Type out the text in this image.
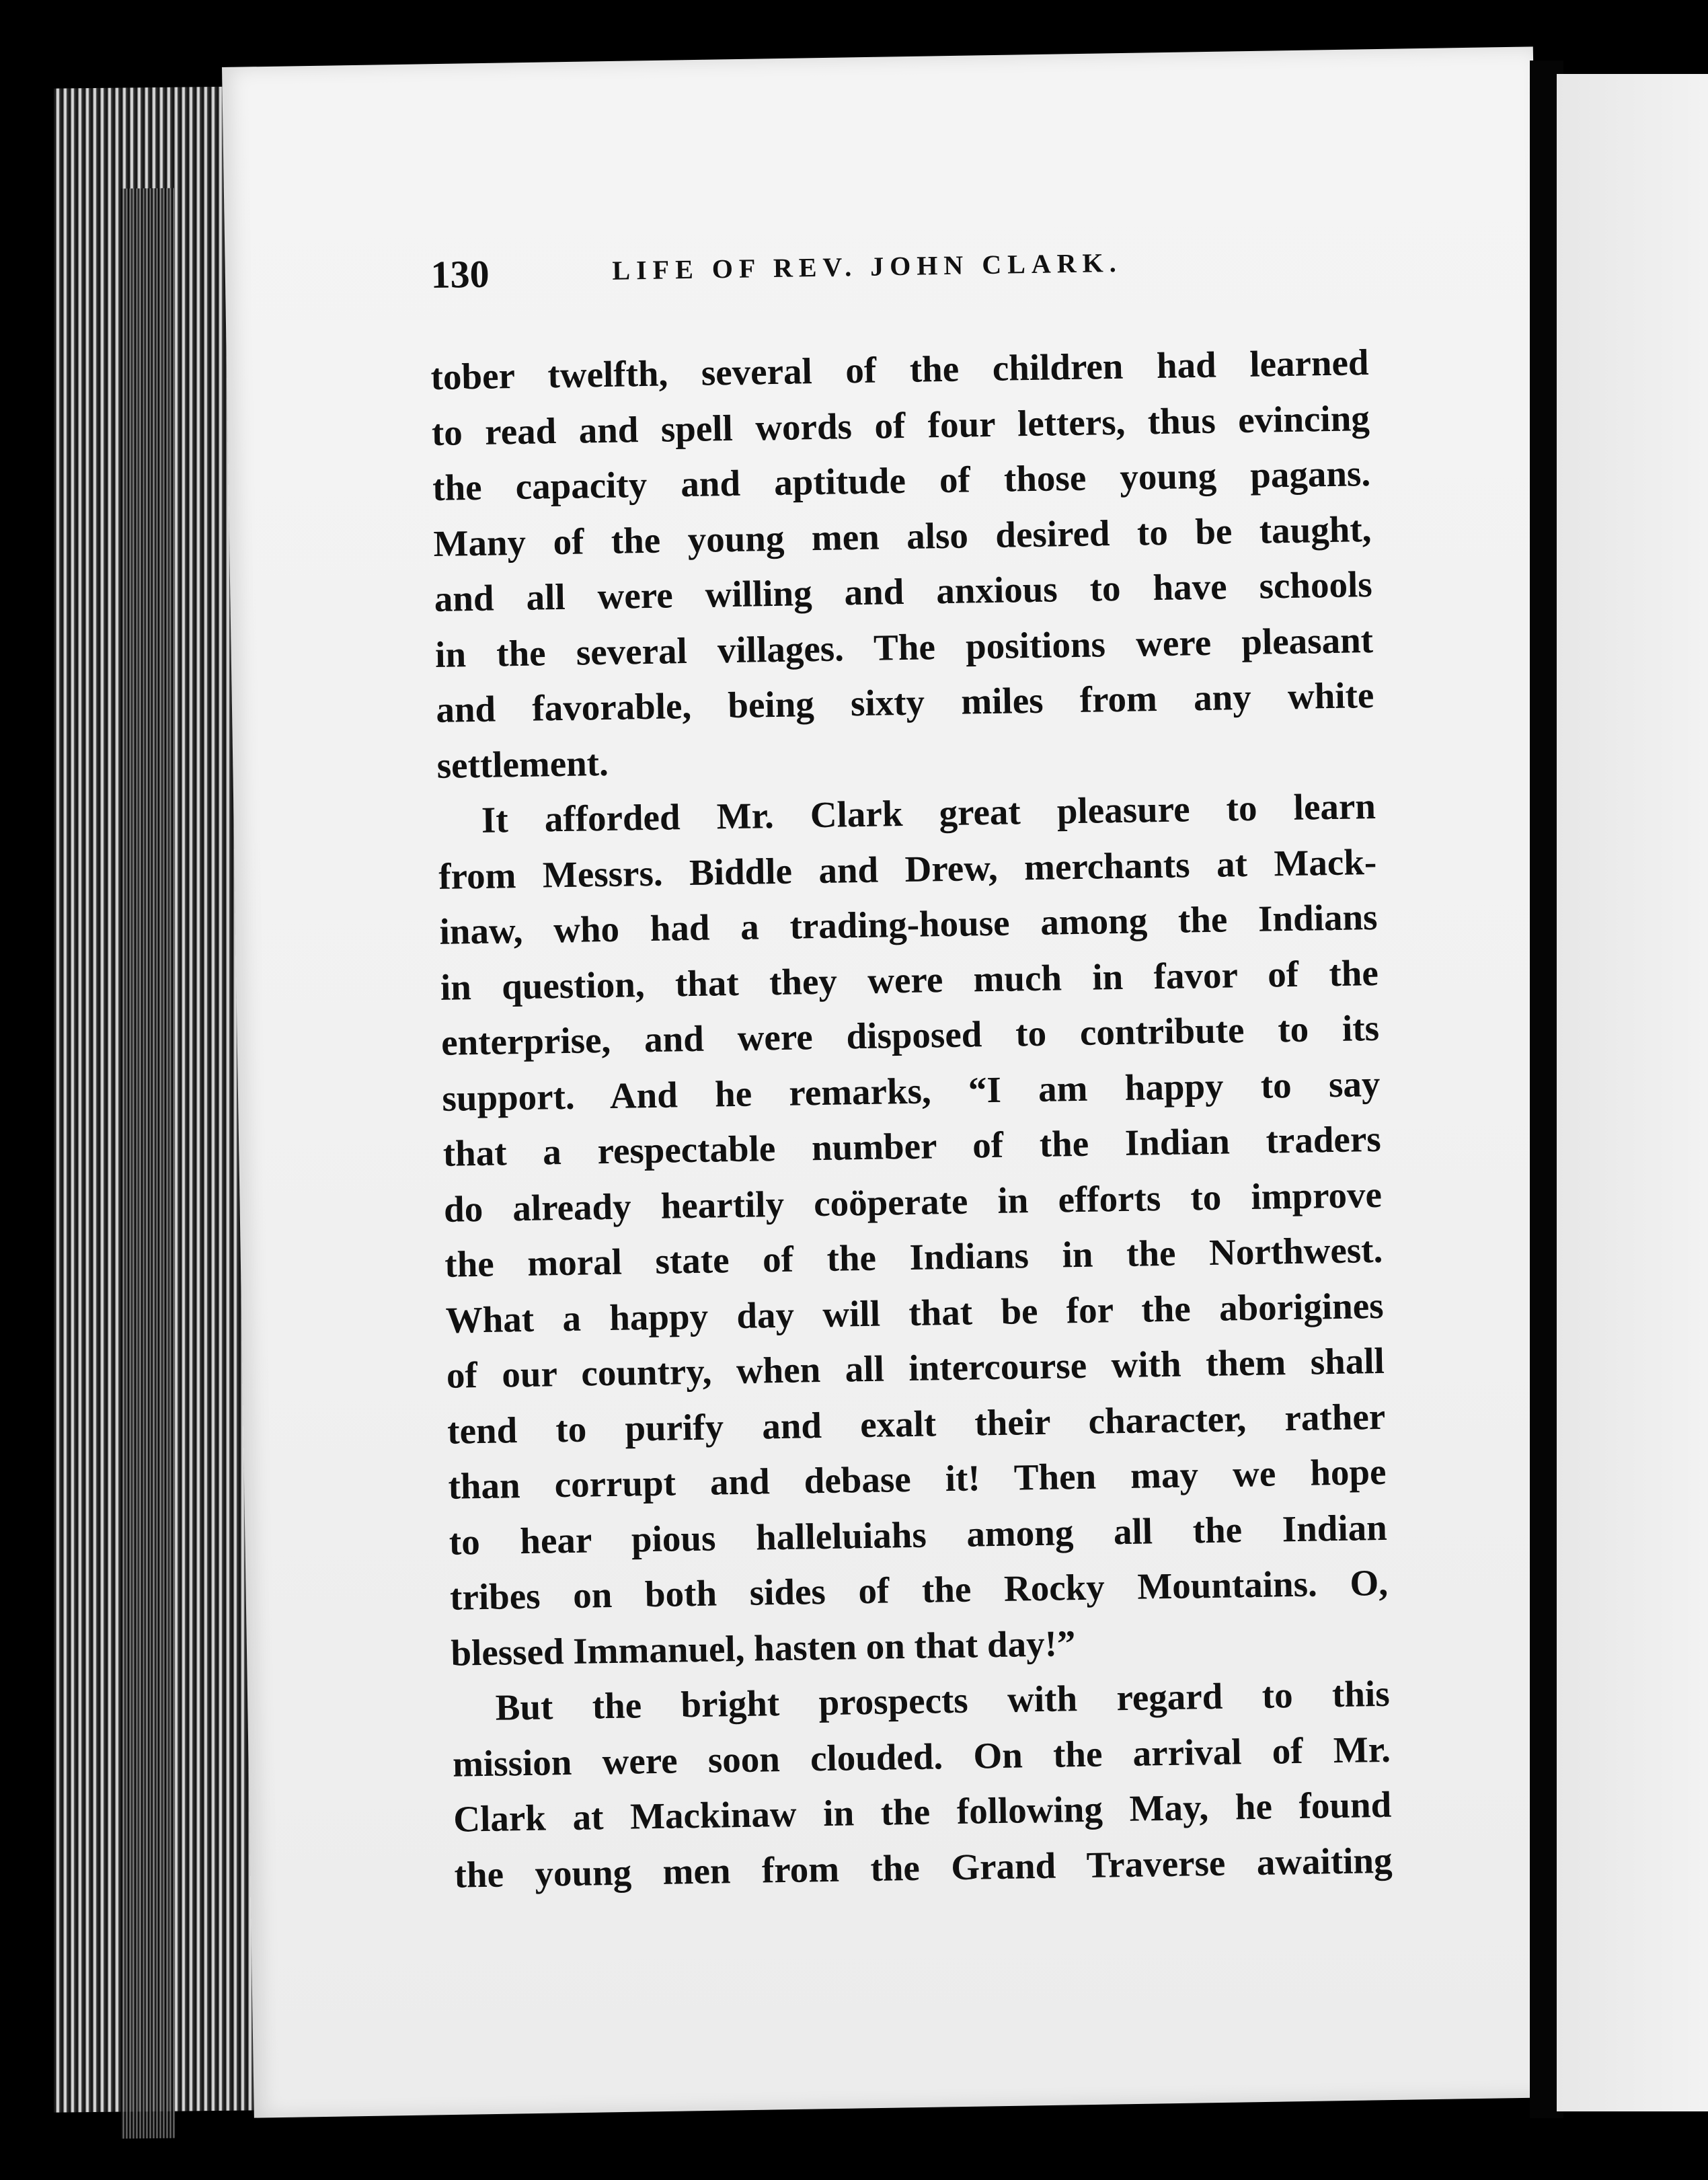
130	LIFE OF REV. JOHN CLARK.
tober twelfth, several of the children had learned
to read and spell words of four letters, thus evincing
the capacity and aptitude of those young pagans.
Many of the young men also desired to be taught,
and all were willing and anxious to have schools
in the several villages. The positions were pleasant
and favorable, being sixty miles from any white
settlement.
It afforded Mr. Clark great pleasure to learn
from Messrs. Biddle and Drew, merchants at Mack-
inaw, who had a trading-house among the Indians
in question, that they were much in favor of the
enterprise, and were disposed to contribute to its
support. And he remarks, “I am happy to say
that a respectable number of the Indian traders
do already heartily coöperate in efforts to improve
the moral state of the Indians in the Northwest.
What a happy day will that be for the aborigines
of our country, when all intercourse with them shall
tend to purify and exalt their character, rather
than corrupt and debase it! Then may we hope
to hear pious halleluiahs among all the Indian
tribes on both sides of the Rocky Mountains. O,
blessed Immanuel, hasten on that day!”
But the bright prospects with regard to this
mission were soon clouded. On the arrival of Mr.
Clark at Mackinaw in the following May, he found
the young men from the Grand Traverse awaiting
